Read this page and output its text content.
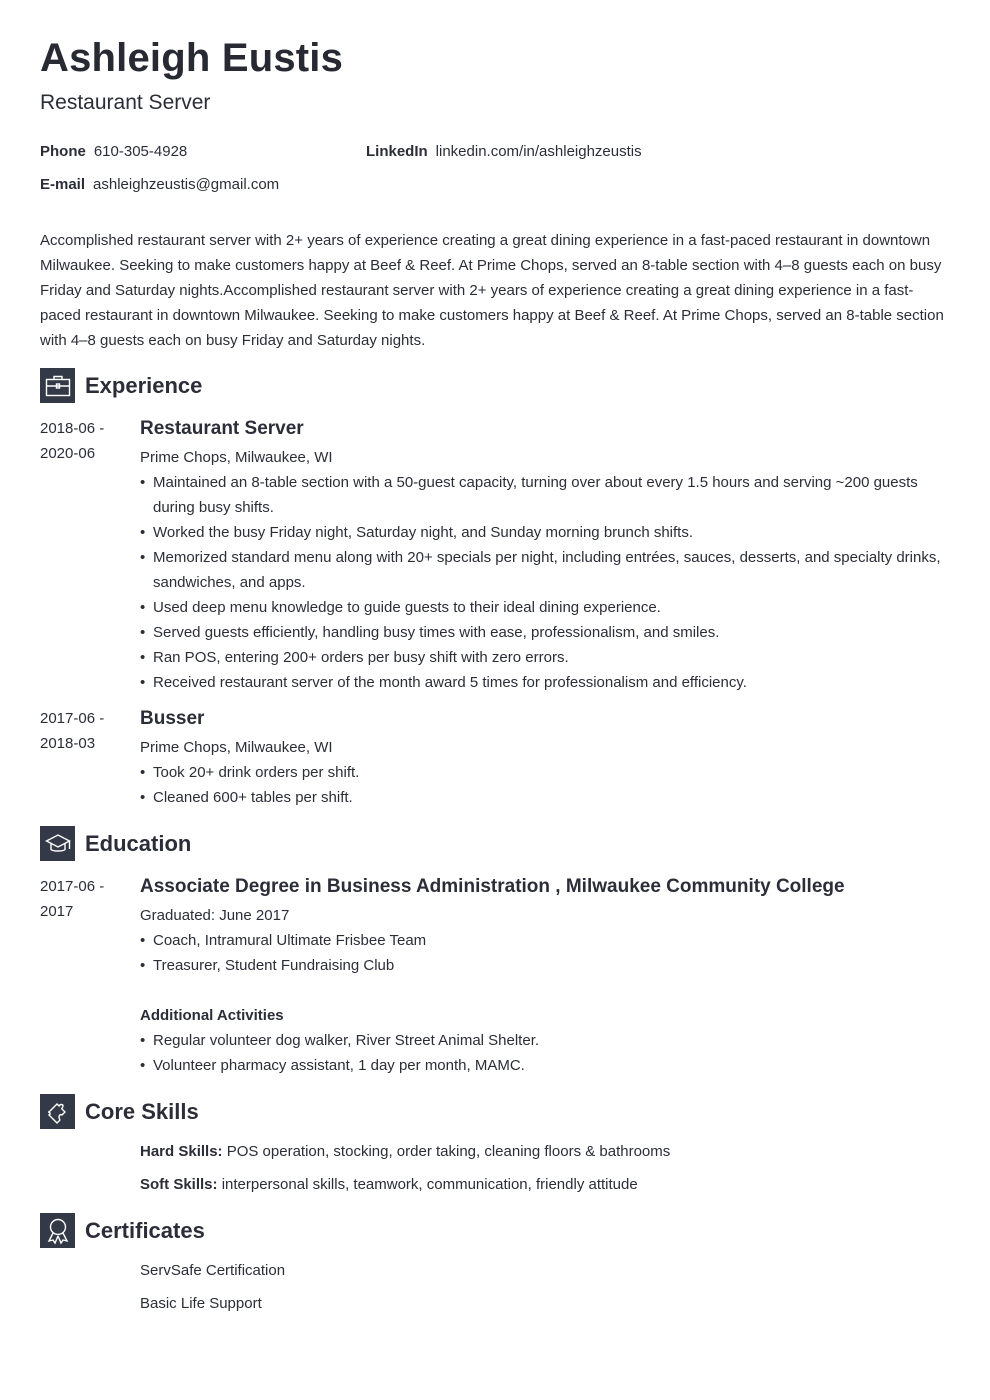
Ashleigh Eustis
Restaurant Server
Phone 610-305-4928	LinkedIn linkedin.com/in/ashleighzeustis
E-mail ashleighzeustis@gmail.com

Accomplished restaurant server with 2+ years of experience creating a great dining experience in a fast-paced restaurant in downtown Milwaukee. Seeking to make customers happy at Beef & Reef. At Prime Chops, served an 8-table section with 4–8 guests each on busy Friday and Saturday nights.Accomplished restaurant server with 2+ years of experience creating a great dining experience in a fast-paced restaurant in downtown Milwaukee. Seeking to make customers happy at Beef & Reef. At Prime Chops, served an 8-table section with 4–8 guests each on busy Friday and Saturday nights.

Experience
2018-06 -
2020-06
Restaurant Server
Prime Chops, Milwaukee, WI
• Maintained an 8-table section with a 50-guest capacity, turning over about every 1.5 hours and serving ~200 guests during busy shifts.
• Worked the busy Friday night, Saturday night, and Sunday morning brunch shifts.
• Memorized standard menu along with 20+ specials per night, including entrées, sauces, desserts, and specialty drinks, sandwiches, and apps.
• Used deep menu knowledge to guide guests to their ideal dining experience.
• Served guests efficiently, handling busy times with ease, professionalism, and smiles.
• Ran POS, entering 200+ orders per busy shift with zero errors.
• Received restaurant server of the month award 5 times for professionalism and efficiency.
2017-06 -
2018-03
Busser
Prime Chops, Milwaukee, WI
• Took 20+ drink orders per shift.
• Cleaned 600+ tables per shift.
Education
2017-06 -
2017
Associate Degree in Business Administration , Milwaukee Community College
Graduated: June 2017
• Coach, Intramural Ultimate Frisbee Team
• Treasurer, Student Fundraising Club
Additional Activities
• Regular volunteer dog walker, River Street Animal Shelter.
• Volunteer pharmacy assistant, 1 day per month, MAMC.
Core Skills
Hard Skills: POS operation, stocking, order taking, cleaning floors & bathrooms
Soft Skills: interpersonal skills, teamwork, communication, friendly attitude
Certificates
ServSafe Certification
Basic Life Support
